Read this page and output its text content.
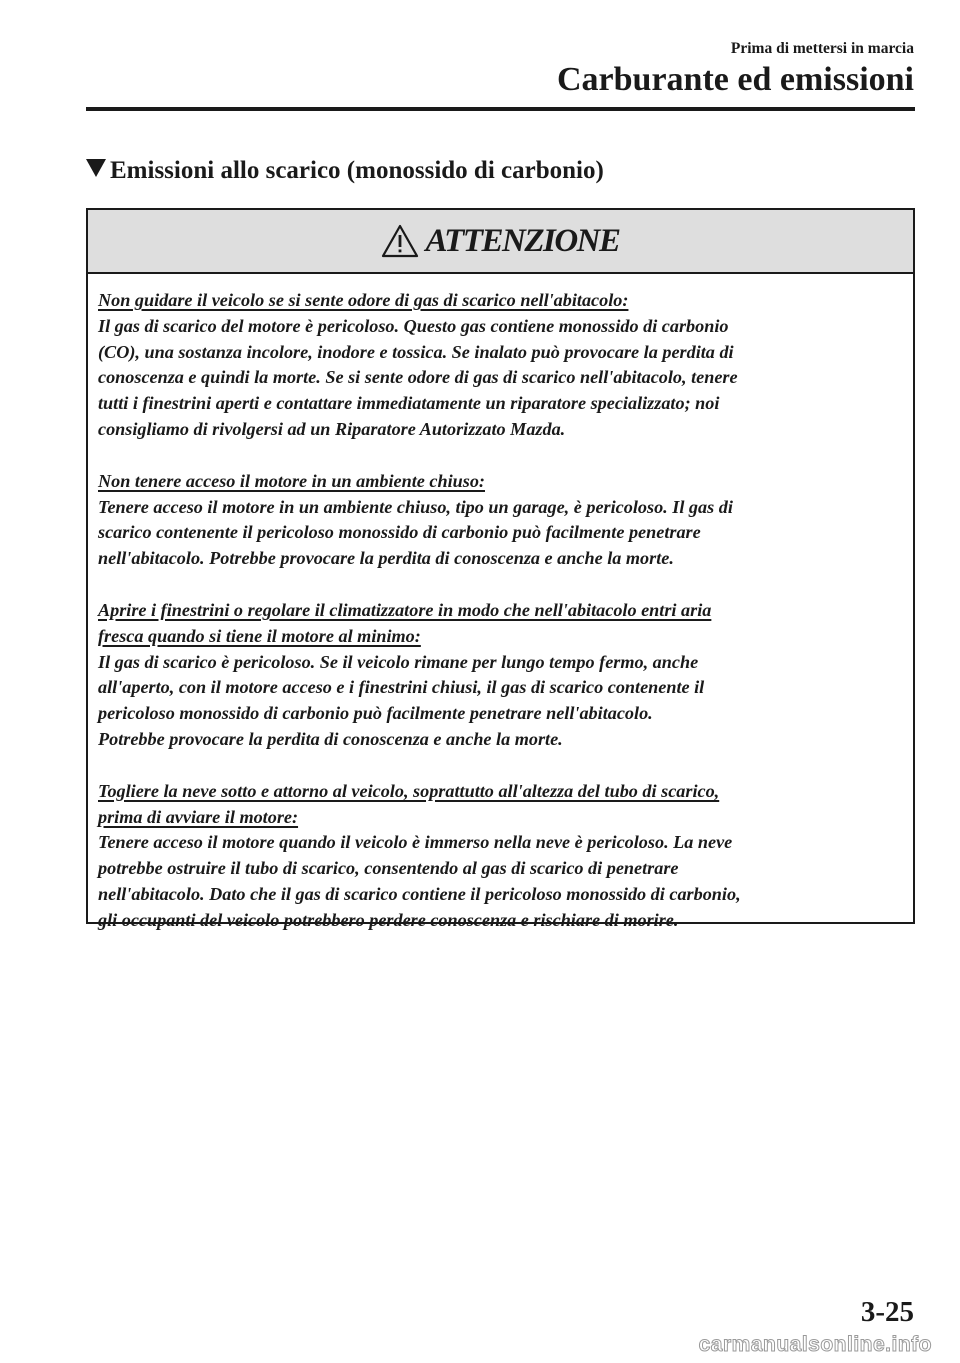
Prima di mettersi in marcia
Carburante ed emissioni
Emissioni allo scarico (monossido di carbonio)
ATTENZIONE

Non guidare il veicolo se si sente odore di gas di scarico nell'abitacolo:

Il gas di scarico del motore è pericoloso. Questo gas contiene monossido di carbonio

(CO), una sostanza incolore, inodore e tossica. Se inalato può provocare la perdita di

conoscenza e quindi la morte. Se si sente odore di gas di scarico nell'abitacolo, tenere

tutti i finestrini aperti e contattare immediatamente un riparatore specializzato; noi

consigliamo di rivolgersi ad un Riparatore Autorizzato Mazda.

Non tenere acceso il motore in un ambiente chiuso:

Tenere acceso il motore in un ambiente chiuso, tipo un garage, è pericoloso. Il gas di

scarico contenente il pericoloso monossido di carbonio può facilmente penetrare

nell'abitacolo. Potrebbe provocare la perdita di conoscenza e anche la morte.

Aprire i finestrini o regolare il climatizzatore in modo che nell'abitacolo entri aria

fresca quando si tiene il motore al minimo:

Il gas di scarico è pericoloso. Se il veicolo rimane per lungo tempo fermo, anche

all'aperto, con il motore acceso e i finestrini chiusi, il gas di scarico contenente il

pericoloso monossido di carbonio può facilmente penetrare nell'abitacolo.

Potrebbe provocare la perdita di conoscenza e anche la morte.

Togliere la neve sotto e attorno al veicolo, soprattutto all'altezza del tubo di scarico,

prima di avviare il motore:

Tenere acceso il motore quando il veicolo è immerso nella neve è pericoloso. La neve

potrebbe ostruire il tubo di scarico, consentendo al gas di scarico di penetrare

nell'abitacolo. Dato che il gas di scarico contiene il pericoloso monossido di carbonio,

gli occupanti del veicolo potrebbero perdere conoscenza e rischiare di morire.

3-25
carmanualsonline.info
